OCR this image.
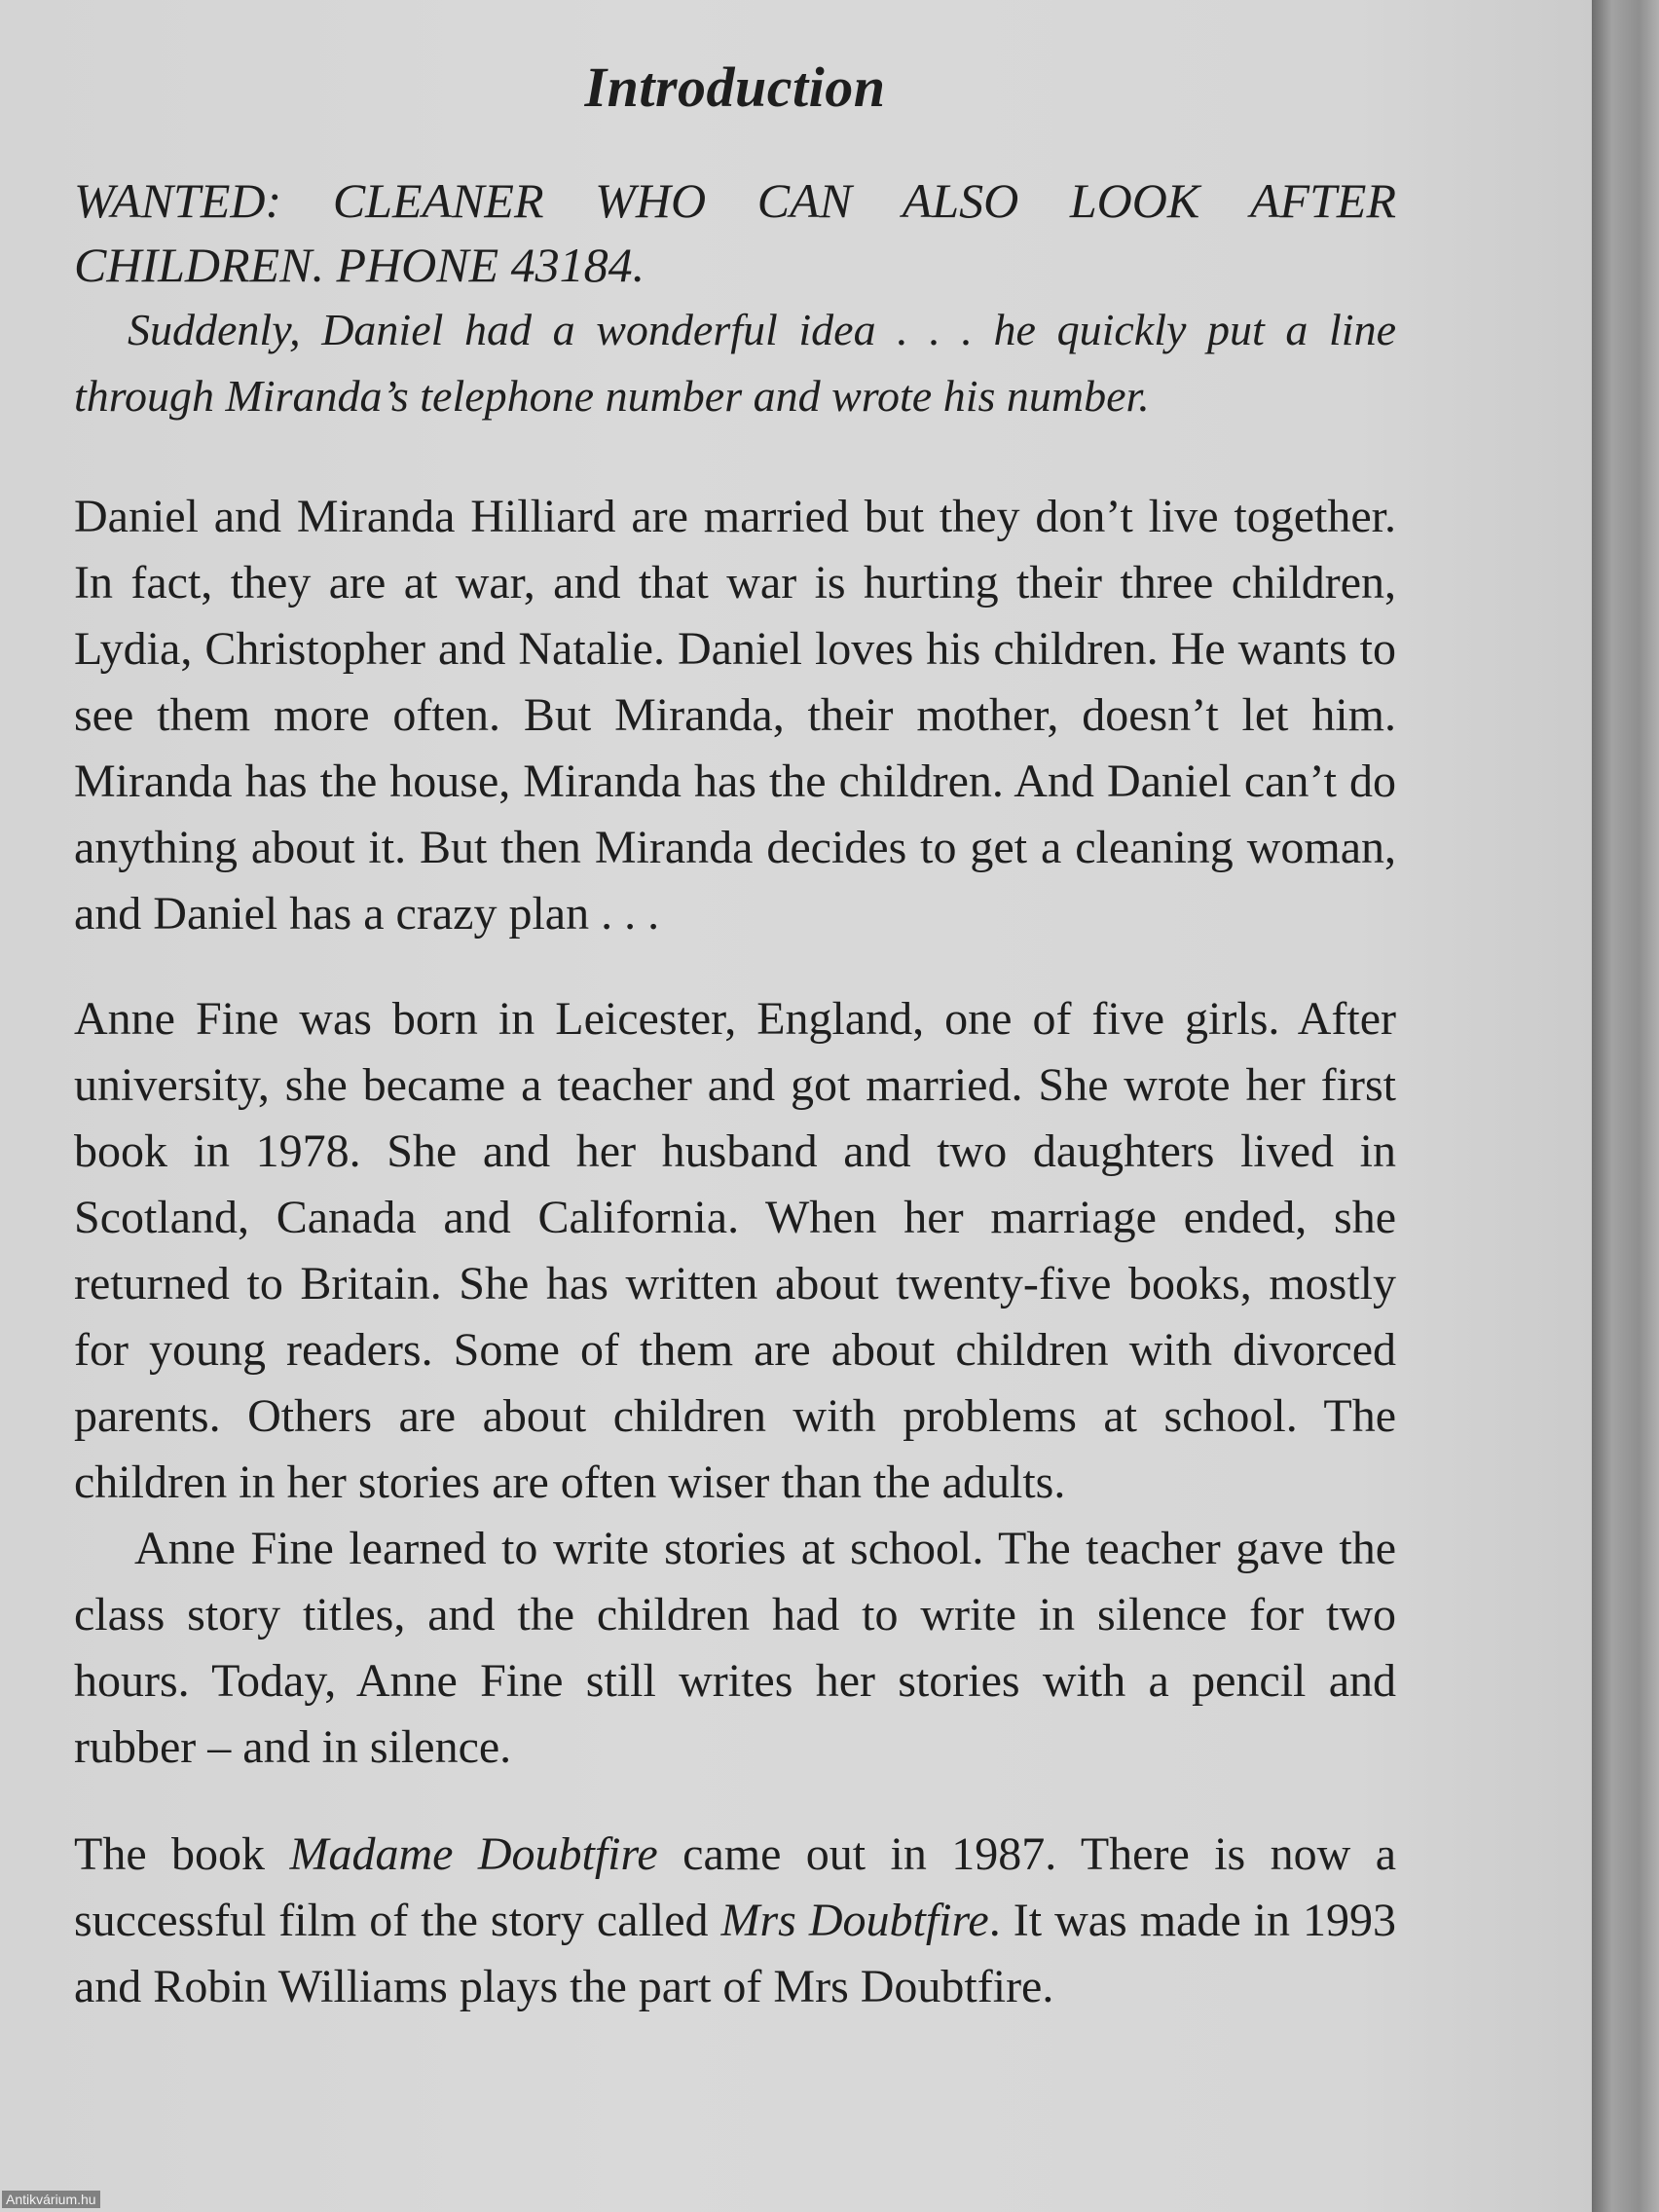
Introduction

WANTED: CLEANER WHO CAN ALSO LOOK AFTER CHILDREN. PHONE 43184.

Suddenly, Daniel had a wonderful idea . . . he quickly put a line through Miranda’s telephone number and wrote his number.

Daniel and Miranda Hilliard are married but they don’t live together. In fact, they are at war, and that war is hurting their three children, Lydia, Christopher and Natalie. Daniel loves his children. He wants to see them more often. But Miranda, their mother, doesn’t let him. Miranda has the house, Miranda has the children. And Daniel can’t do anything about it. But then Miranda decides to get a cleaning woman, and Daniel has a crazy plan . . .

Anne Fine was born in Leicester, England, one of five girls. After university, she became a teacher and got married. She wrote her first book in 1978. She and her husband and two daughters lived in Scotland, Canada and California. When her marriage ended, she returned to Britain. She has written about twenty-five books, mostly for young readers. Some of them are about children with divorced parents. Others are about children with problems at school. The children in her stories are often wiser than the adults.

Anne Fine learned to write stories at school. The teacher gave the class story titles, and the children had to write in silence for two hours. Today, Anne Fine still writes her stories with a pencil and rubber – and in silence.

The book Madame Doubtfire came out in 1987. There is now a successful film of the story called Mrs Doubtfire. It was made in 1993 and Robin Williams plays the part of Mrs Doubtfire.

Antikvárium.hu
